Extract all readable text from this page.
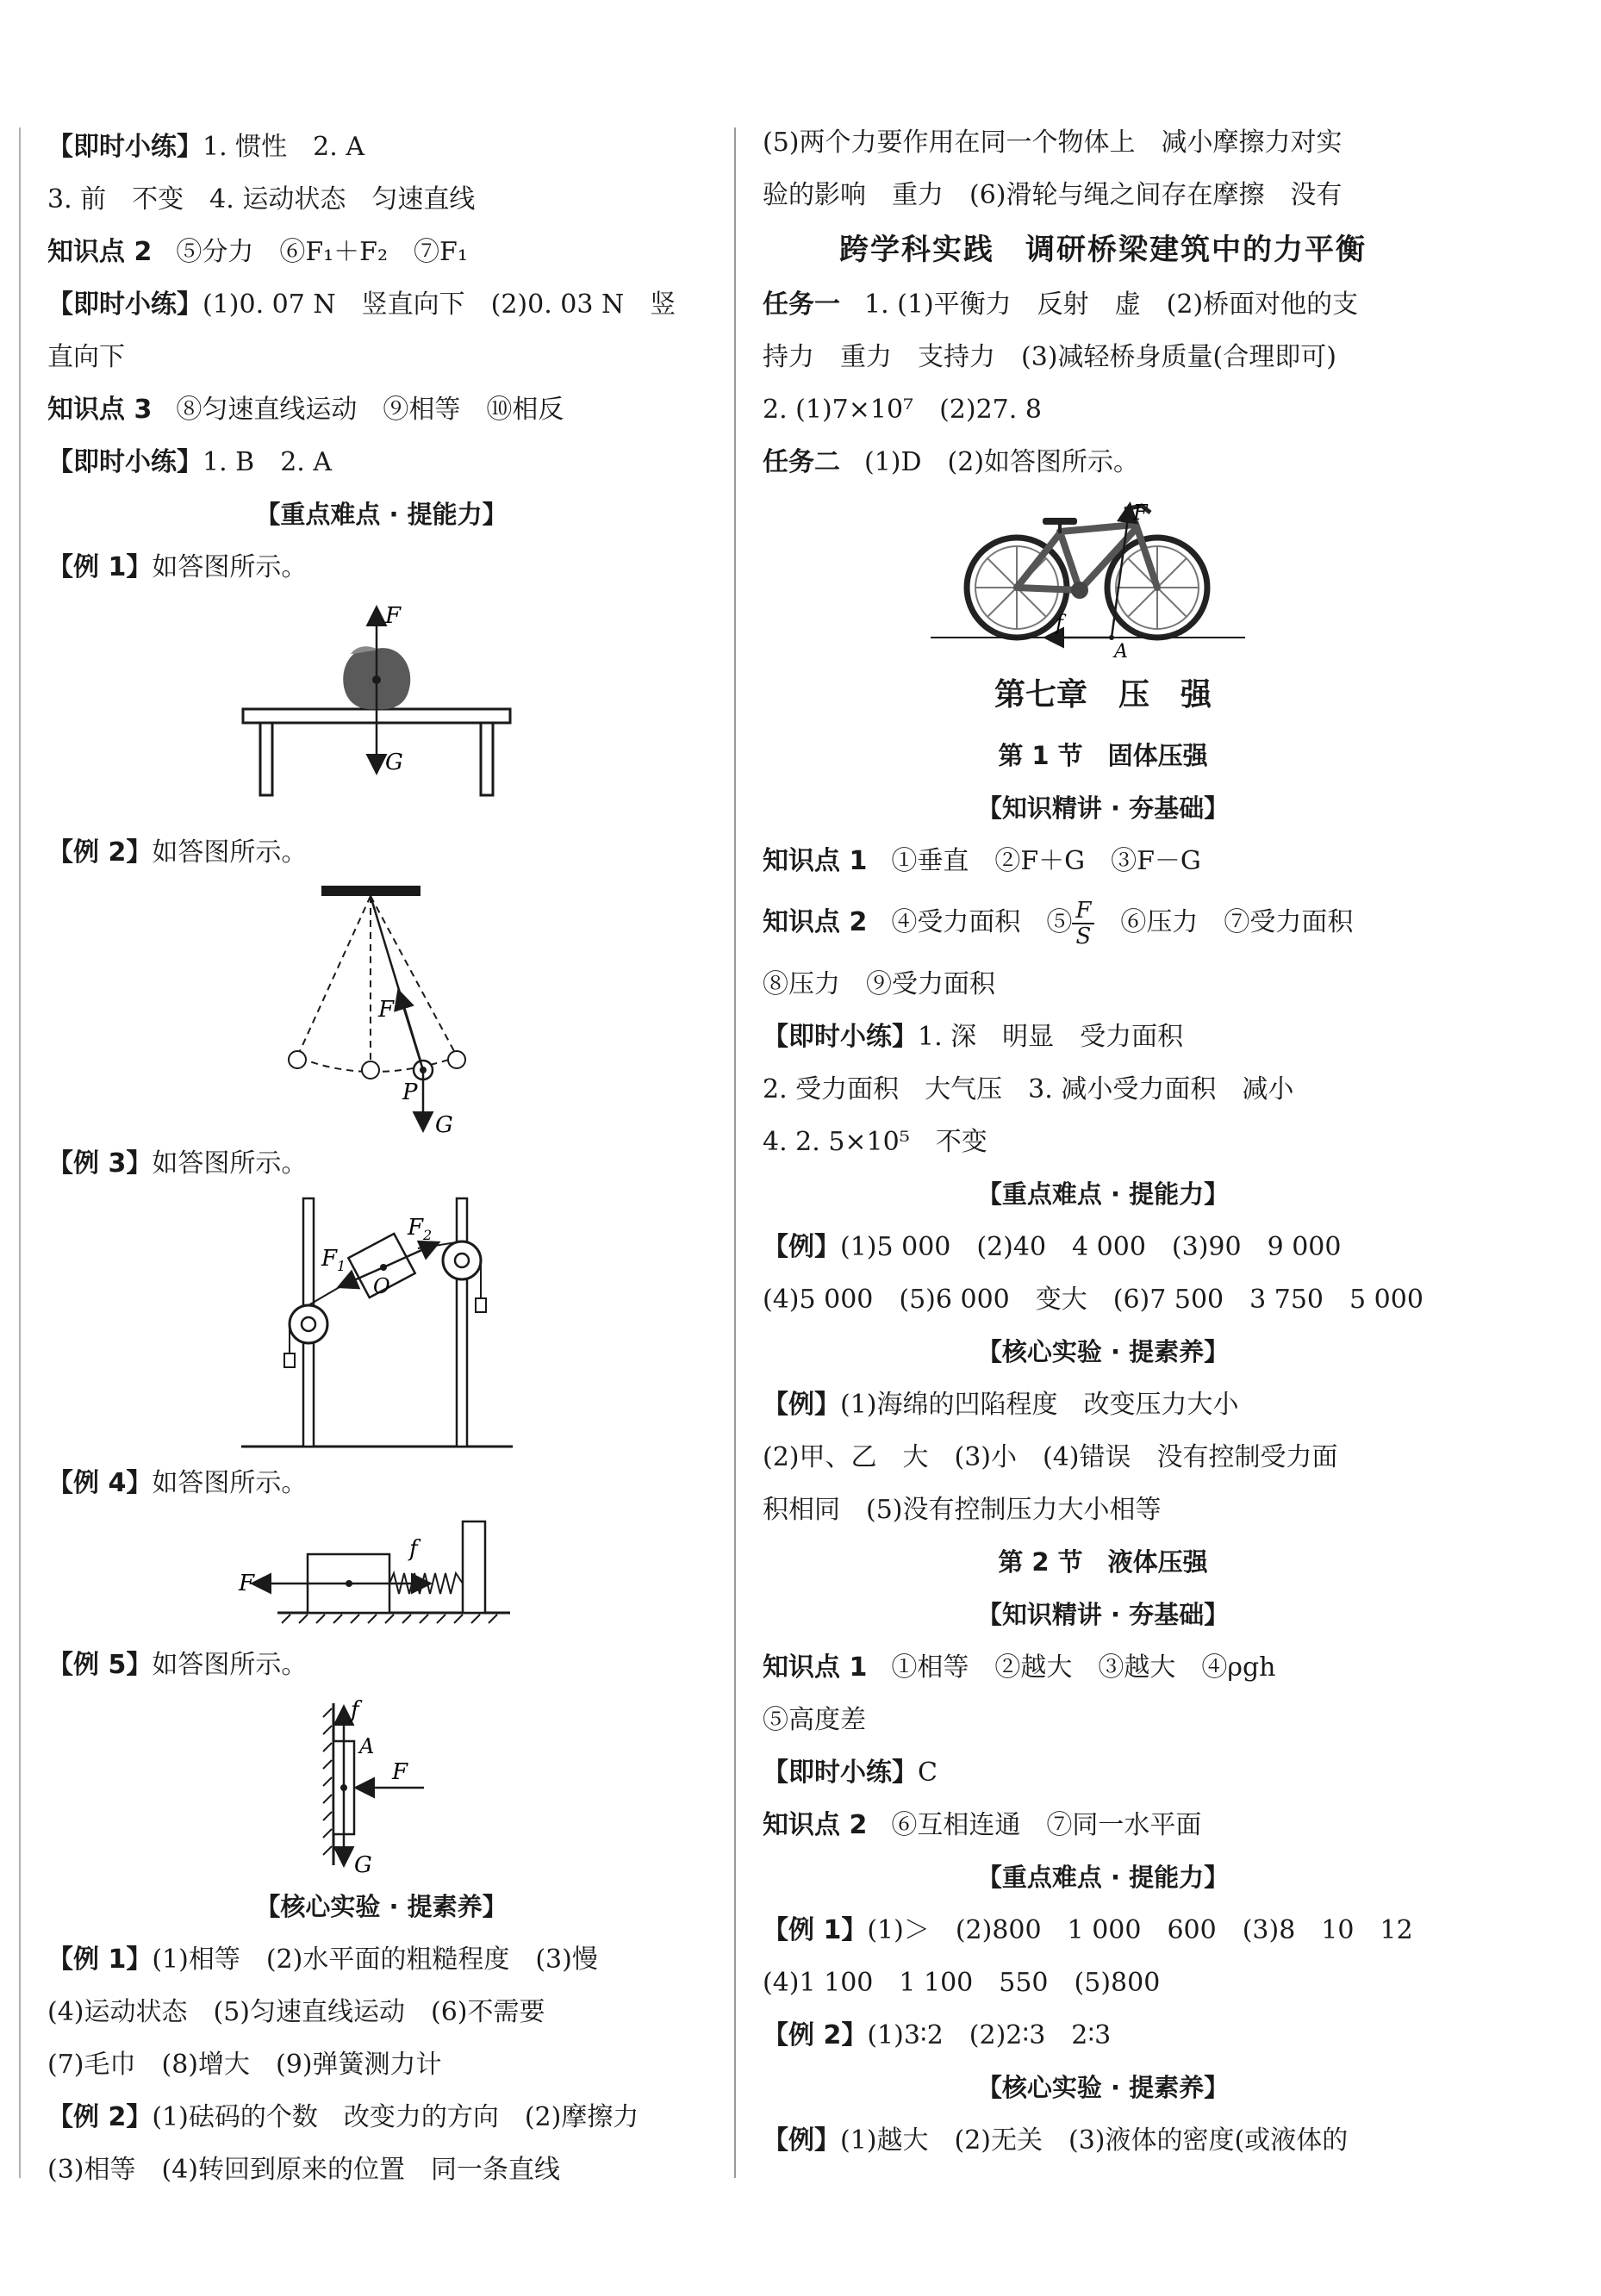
【即时小练】1. 惯性　2. A
3. 前　不变　4. 运动状态　匀速直线
知识点 2 ⑤分力　⑥F₁＋F₂　⑦F₁
【即时小练】(1)0. 07 N　竖直向下　(2)0. 03 N　竖
直向下
知识点 3 ⑧匀速直线运动　⑨相等　⑩相反
【即时小练】1. B　2. A
【重点难点 · 提能力】
【例 1】如答图所示。
F
G
【例 2】如答图所示。
F
P
G
【例 3】如答图所示。
$F_1$
$F_2$
O
【例 4】如答图所示。
F
f
【例 5】如答图所示。
f
A
F
G
【核心实验 · 提素养】
【例 1】(1)相等　(2)水平面的粗糙程度　(3)慢
(4)运动状态　(5)匀速直线运动　(6)不需要
(7)毛巾　(8)增大　(9)弹簧测力计
【例 2】(1)砝码的个数　改变力的方向　(2)摩擦力
(3)相等　(4)转回到原来的位置　同一条直线
(5)两个力要作用在同一个物体上　减小摩擦力对实
验的影响　重力　(6)滑轮与绳之间存在摩擦　没有
跨学科实践　调研桥梁建筑中的力平衡
任务一 1. (1)平衡力　反射　虚　(2)桥面对他的支
持力　重力　支持力　(3)减轻桥身质量(合理即可)
2. (1)7×10⁷　(2)27. 8
任务二 (1)D　(2)如答图所示。
F
f
A
第七章　压　强
第 1 节　固体压强
【知识精讲 · 夯基础】
知识点 1 ①垂直　②F＋G　③F－G
知识点 2 ④受力面积　⑤ $\frac{F}{S}$
　 ⑥压力　⑦受力面积
⑧压力　⑨受力面积
【即时小练】1. 深　明显　受力面积
2. 受力面积　大气压　3. 减小受力面积　减小
4. 2. 5×10⁵　不变
【重点难点 · 提能力】
【例】(1)5 000　(2)40　4 000　(3)90　9 000
(4)5 000　(5)6 000　变大　(6)7 500　3 750　5 000
【核心实验 · 提素养】
【例】(1)海绵的凹陷程度　改变压力大小
(2)甲、乙　大　(3)小　(4)错误　没有控制受力面
积相同　(5)没有控制压力大小相等
第 2 节　液体压强
【知识精讲 · 夯基础】
知识点 1 ①相等　②越大　③越大　④ρgh
⑤高度差
【即时小练】C
知识点 2 ⑥互相连通　⑦同一水平面
【重点难点 · 提能力】
【例 1】(1)＞　(2)800　1 000　600　(3)8　10　12
(4)1 100　1 100　550　(5)800
【例 2】(1)3∶2　(2)2∶3　2∶3
【核心实验 · 提素养】
【例】(1)越大　(2)无关　(3)液体的密度(或液体的
